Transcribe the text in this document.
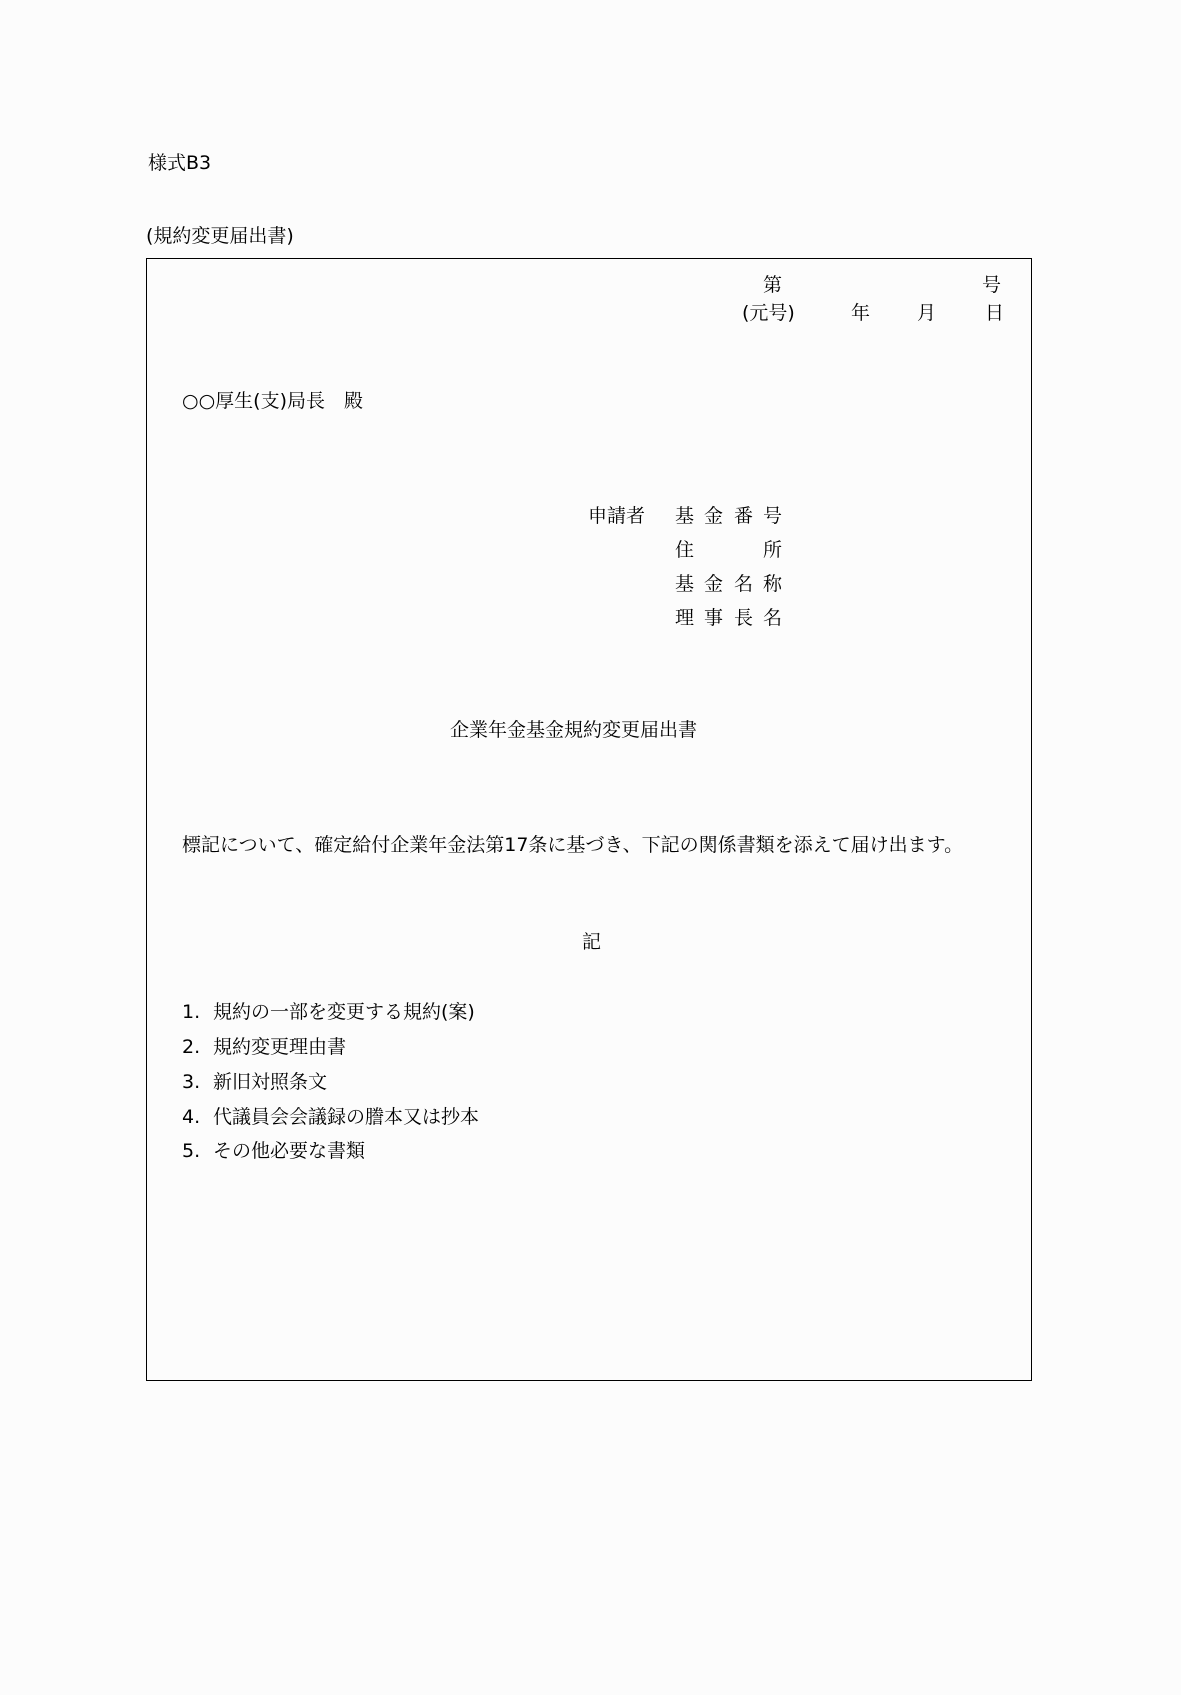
様式B3
(規約変更届出書)
第	号
(元号)	年 月	日
○○厚生(支)局長　殿
申請者 基 金 番 号
住	所
基 金 名 称
理 事 長 名
企業年金基金規約変更届出書
標記について、確定給付企業年金法第17条に基づき、下記の関係書類を添えて届け出ます。
記
1. 規約の一部を変更する規約(案)
2. 規約変更理由書
3. 新旧対照条文
4. 代議員会会議録の謄本又は抄本
5. その他必要な書類
